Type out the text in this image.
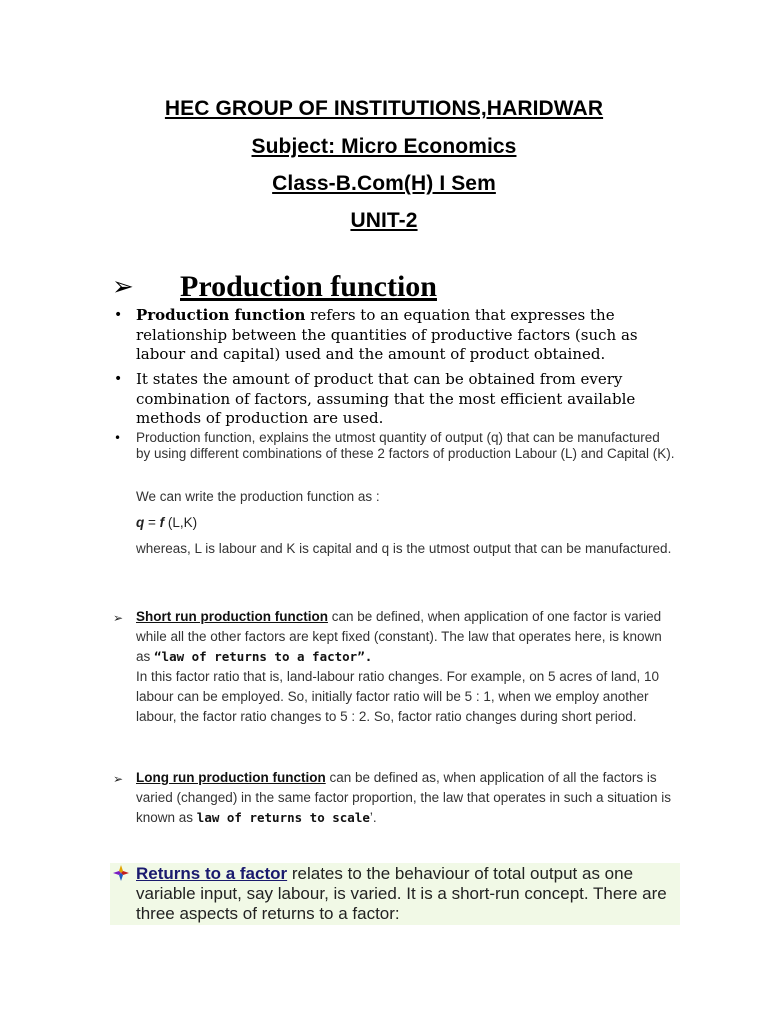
HEC GROUP OF INSTITUTIONS,HARIDWAR
Subject: Micro Economics
Class-B.Com(H) I Sem
UNIT-2
➢ Production function
• Production function refers to an equation that expresses the relationship between the quantities of productive factors (such as labour and capital) used and the amount of product obtained.
• It states the amount of product that can be obtained from every combination of factors, assuming that the most efficient available methods of production are used.
• Production function, explains the utmost quantity of output (q) that can be manufactured by using different combinations of these 2 factors of production Labour (L) and Capital (K).
We can write the production function as :
q = f (L,K)
whereas, L is labour and K is capital and q is the utmost output that can be manufactured.
➢ Short run production function can be defined, when application of one factor is varied while all the other factors are kept fixed (constant). The law that operates here, is known as “law of returns to a factor”.
In this factor ratio that is, land-labour ratio changes. For example, on 5 acres of land, 10 labour can be employed. So, initially factor ratio will be 5 : 1, when we employ another labour, the factor ratio changes to 5 : 2. So, factor ratio changes during short period.
➢ Long run production function can be defined as, when application of all the factors is varied (changed) in the same factor proportion, the law that operates in such a situation is known as law of returns to scale’.
Returns to a factor relates to the behaviour of total output as one variable input, say labour, is varied. It is a short-run concept. There are three aspects of returns to a factor:
